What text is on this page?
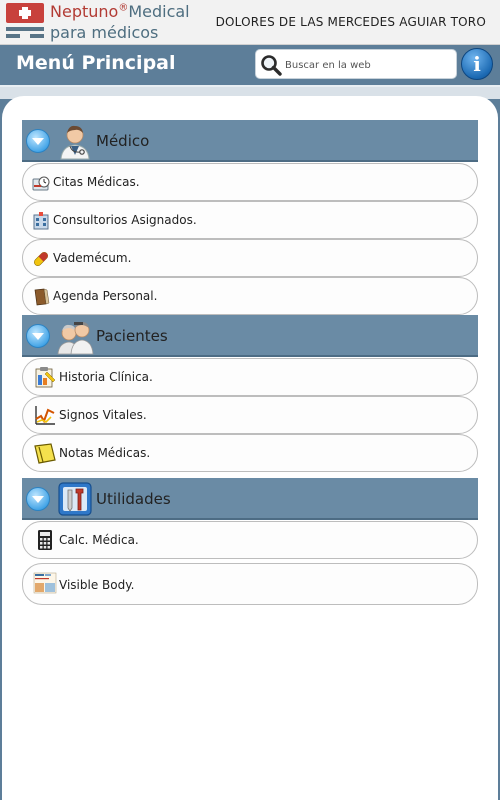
Neptuno®Medical
para médicos
DOLORES DE LAS MERCEDES AGUIAR TORO
Menú Principal
Buscar en la web	i
Médico
Citas Médicas.
Consultorios Asignados.
Vademécum.
Agenda Personal.
Pacientes
Historia Clínica.
Signos Vitales.
Notas Médicas.
Utilidades
Calc. Médica.
Visible Body.
